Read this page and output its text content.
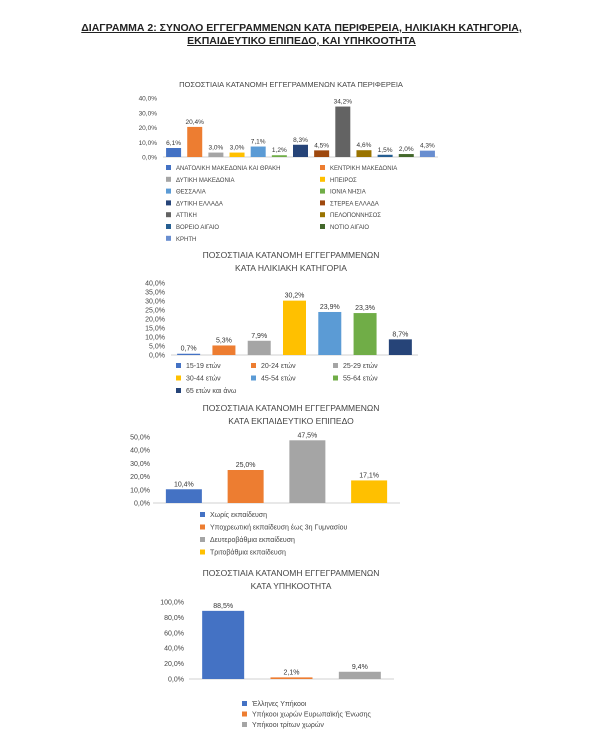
ΔΙΑΓΡΑΜΜΑ 2: ΣΥΝΟΛΟ ΕΓΓΕΓΡΑΜΜΕΝΩΝ ΚΑΤΑ ΠΕΡΙΦΕΡΕΙΑ, ΗΛΙΚΙΑΚΗ ΚΑΤΗΓΟΡΙΑ,
ΕΚΠΑΙΔΕΥΤΙΚΟ ΕΠΙΠΕΔΟ, ΚΑΙ ΥΠΗΚΟΟΤΗΤΑ
ΠΟΣΟΣΤΙΑΙΑ ΚΑΤΑΝΟΜΗ ΕΓΓΕΓΡΑΜΜΕΝΩΝ ΚΑΤΑ ΠΕΡΙΦΕΡΕΙΑ
0,0%
10,0%
20,0%
30,0%
40,0%
6,1%
20,4%
3,0% 3,0%
7,1%
1,2%
8,3%
4,5%
34,2%
4,6%
1,5% 2,0% 4,3%
ΑΝΑΤΟΛΙΚΗ ΜΑΚΕΔΟΝΙΑ ΚΑΙ ΘΡΑΚΗ	ΚΕΝΤΡΙΚΗ ΜΑΚΕΔΟΝΙΑ
ΔΥΤΙΚΗ ΜΑΚΕΔΟΝΙΑ	ΗΠΕΙΡΟΣ
ΘΕΣΣΑΛΙΑ	ΙΟΝΙΑ ΝΗΣΙΑ
ΔΥΤΙΚΗ ΕΛΛΑΔΑ	ΣΤΕΡΕΑ ΕΛΛΑΔΑ
ΑΤΤΙΚΗ	ΠΕΛΟΠΟΝΝΗΣΟΣ
ΒΟΡΕΙΟ ΑΙΓΑΙΟ	ΝΟΤΙΟ ΑΙΓΑΙΟ
ΚΡΗΤΗ
ΠΟΣΟΣΤΙΑΙΑ ΚΑΤΑΝΟΜΗ ΕΓΓΕΓΡΑΜΜΕΝΩΝ
ΚΑΤΑ ΗΛΙΚΙΑΚΗ ΚΑΤΗΓΟΡΙΑ
0,0%
5,0%
10,0%
15,0%
20,0%
25,0%
30,0%
35,0%
40,0%
0,7%
5,3%
7,9%
30,2%
23,9% 23,3%
8,7%
15-19 ετών	20-24 ετών	25-29 ετών
30-44 ετών	45-54 ετών	55-64 ετών
65 ετών και άνω
ΠΟΣΟΣΤΙΑΙΑ ΚΑΤΑΝΟΜΗ ΕΓΓΕΓΡΑΜΜΕΝΩΝ
ΚΑΤΑ ΕΚΠΑΙΔΕΥΤΙΚΟ ΕΠΙΠΕΔΟ
0,0%
10,0%
20,0%
30,0%
40,0%
50,0%
10,4%
25,0%
47,5%
17,1%
Χωρίς εκπαίδευση
Υποχρεωτική εκπαίδευση έως 3η Γυμνασίου
Δευτεροβάθμια εκπαίδευση
Τριτοβάθμια εκπαίδευση
ΠΟΣΟΣΤΙΑΙΑ ΚΑΤΑΝΟΜΗ ΕΓΓΕΓΡΑΜΜΕΝΩΝ
ΚΑΤΑ ΥΠΗΚΟΟΤΗΤΑ
0,0%
20,0%
40,0%
60,0%
80,0%
100,0%	88,5%
2,1%
9,4%
Έλληνες Υπήκοοι
Υπήκοοι χωρών Ευρωπαϊκής Ένωσης
Υπήκοοι τρίτων χωρών
